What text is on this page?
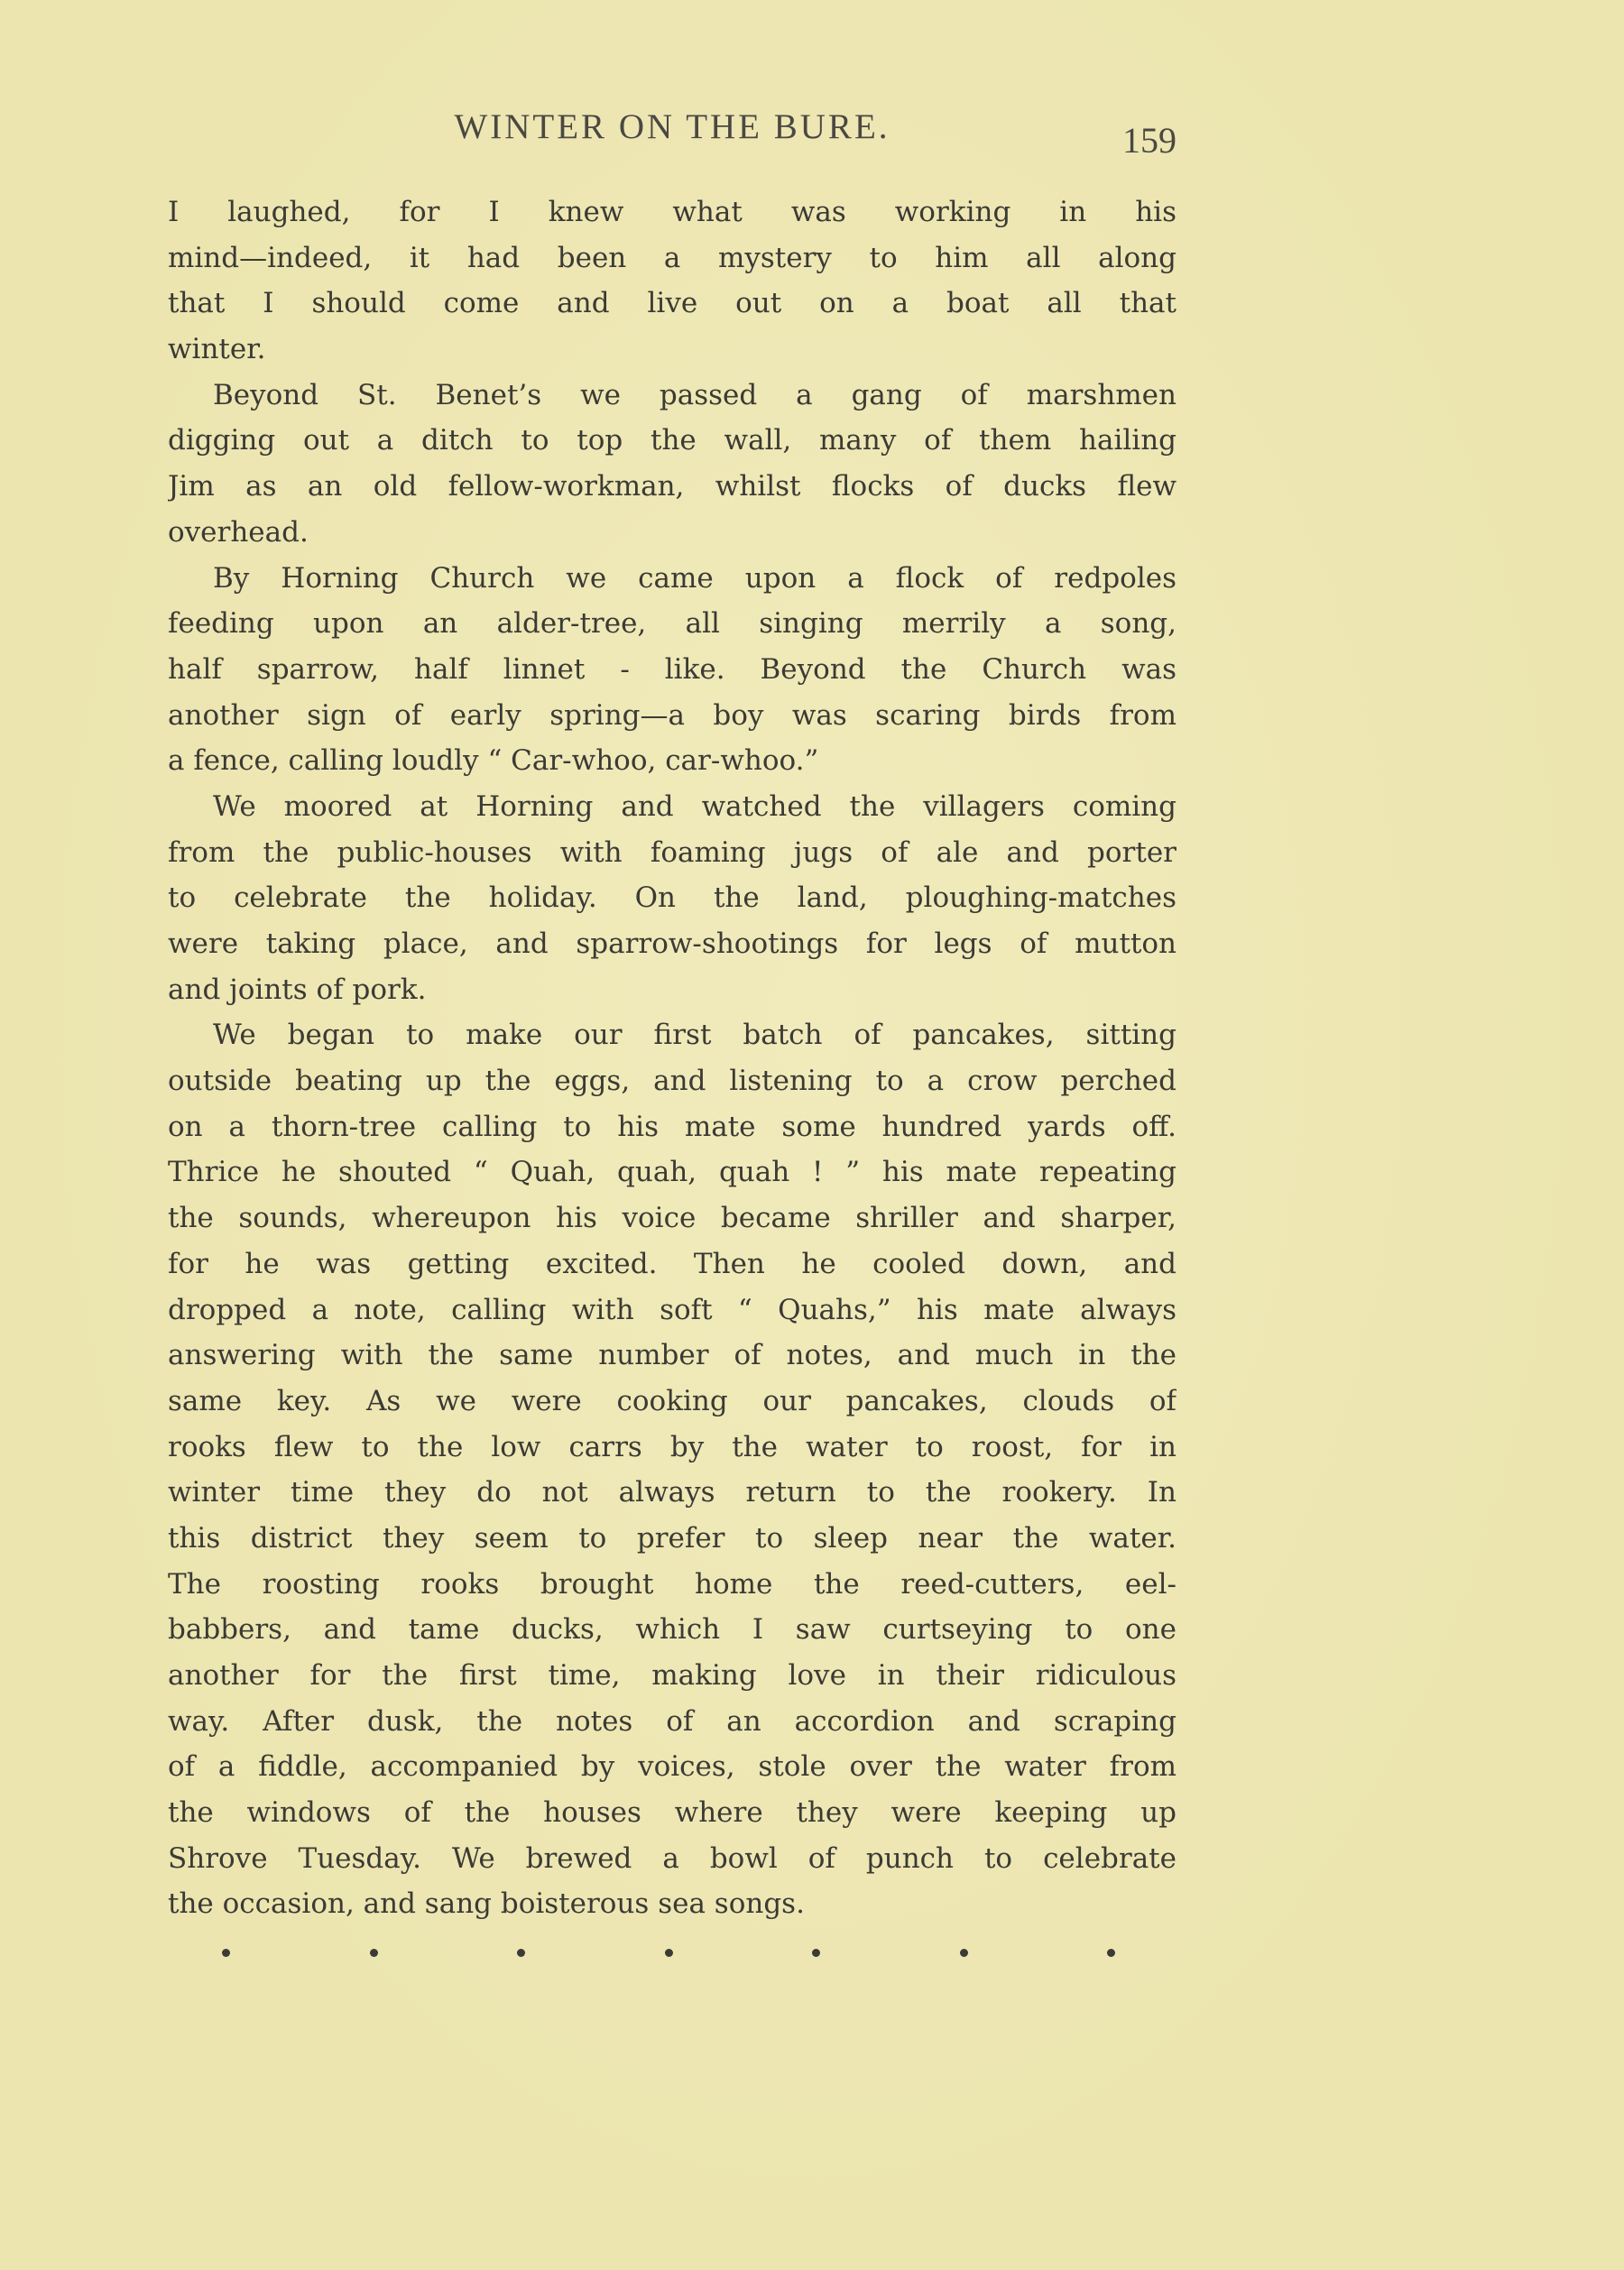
WINTER ON THE BURE.	159
I laughed, for I knew what was working in his
mind—indeed, it had been a mystery to him all along
that I should come and live out on a boat all that
winter.
Beyond St. Benet’s we passed a gang of marshmen
digging out a ditch to top the wall, many of them hailing
Jim as an old fellow-workman, whilst flocks of ducks flew
overhead.
By Horning Church we came upon a flock of redpoles
feeding upon an alder-tree, all singing merrily a song,
half sparrow, half linnet - like. Beyond the Church was
another sign of early spring—a boy was scaring birds from
a fence, calling loudly “ Car-whoo, car-whoo.”
We moored at Horning and watched the villagers coming
from the public-houses with foaming jugs of ale and porter
to celebrate the holiday. On the land, ploughing-matches
were taking place, and sparrow-shootings for legs of mutton
and joints of pork.
We began to make our first batch of pancakes, sitting
outside beating up the eggs, and listening to a crow perched
on a thorn-tree calling to his mate some hundred yards off.
Thrice he shouted “ Quah, quah, quah ! ” his mate repeating
the sounds, whereupon his voice became shriller and sharper,
for he was getting excited. Then he cooled down, and
dropped a note, calling with soft “ Quahs,” his mate always
answering with the same number of notes, and much in the
same key. As we were cooking our pancakes, clouds of
rooks flew to the low carrs by the water to roost, for in
winter time they do not always return to the rookery. In
this district they seem to prefer to sleep near the water.
The roosting rooks brought home the reed-cutters, eel-
babbers, and tame ducks, which I saw curtseying to one
another for the first time, making love in their ridiculous
way. After dusk, the notes of an accordion and scraping
of a fiddle, accompanied by voices, stole over the water from
the windows of the houses where they were keeping up
Shrove Tuesday. We brewed a bowl of punch to celebrate
the occasion, and sang boisterous sea songs.
